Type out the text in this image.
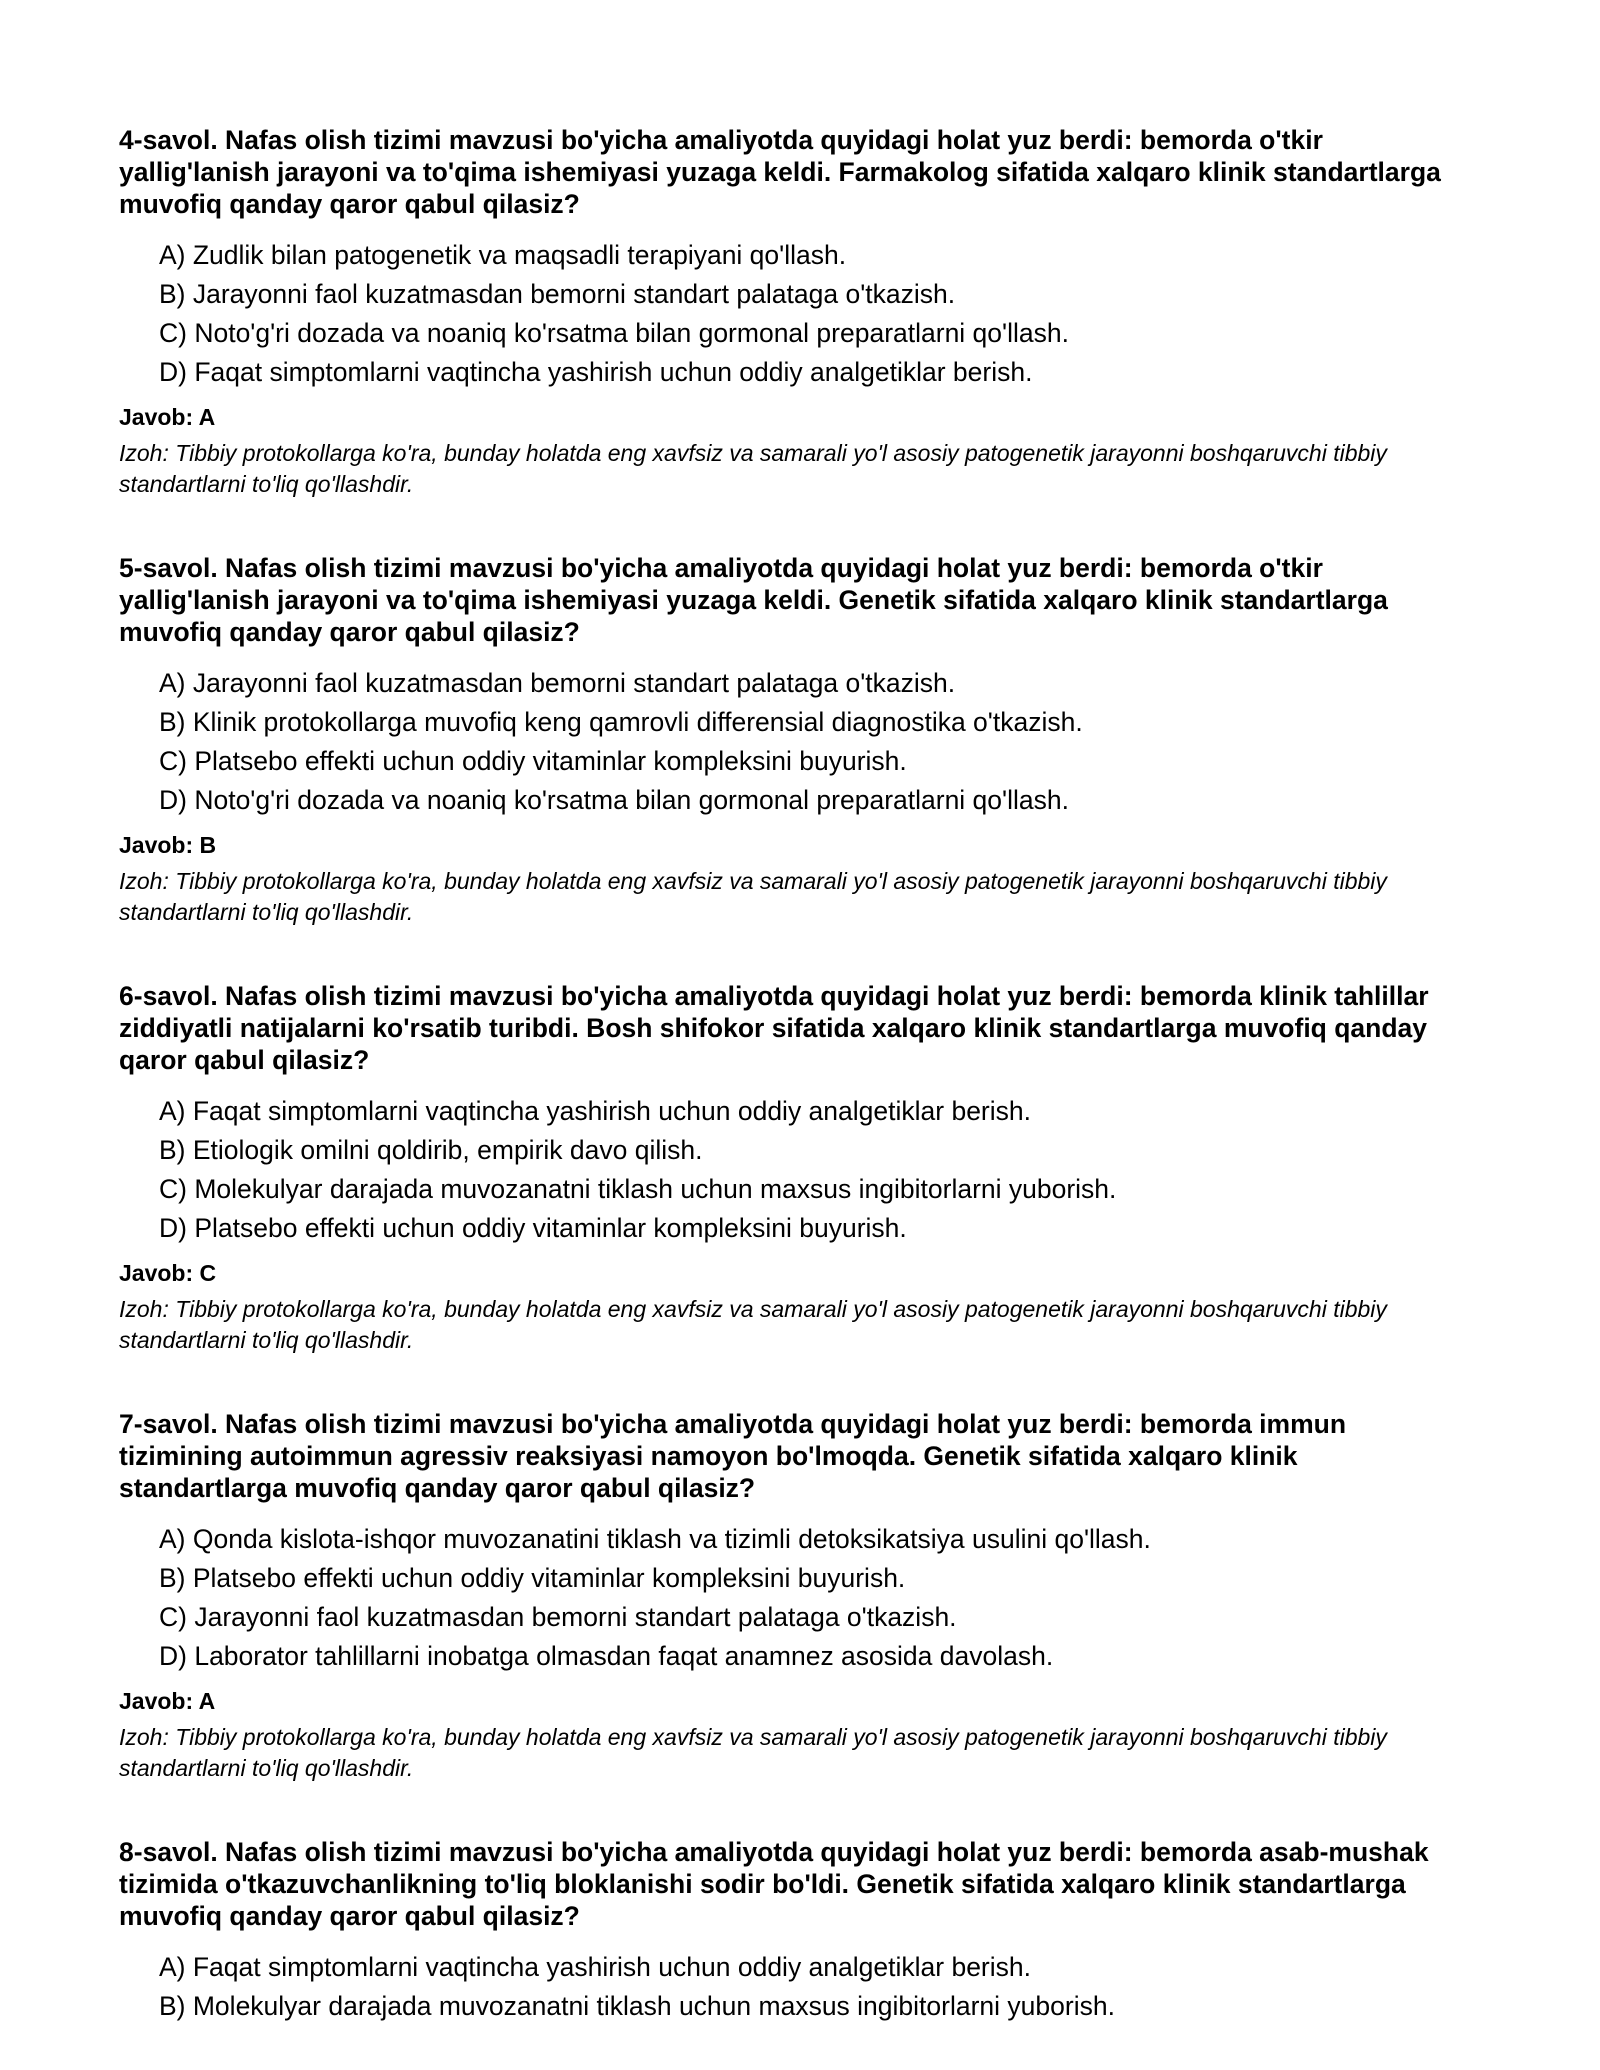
4-savol. Nafas olish tizimi mavzusi bo'yicha amaliyotda quyidagi holat yuz berdi: bemorda o'tkir yallig'lanish jarayoni va to'qima ishemiyasi yuzaga keldi. Farmakolog sifatida xalqaro klinik standartlarga muvofiq qanday qaror qabul qilasiz?
A) Zudlik bilan patogenetik va maqsadli terapiyani qo'llash.
B) Jarayonni faol kuzatmasdan bemorni standart palataga o'tkazish.
C) Noto'g'ri dozada va noaniq ko'rsatma bilan gormonal preparatlarni qo'llash.
D) Faqat simptomlarni vaqtincha yashirish uchun oddiy analgetiklar berish.
Javob: A
Izoh: Tibbiy protokollarga ko'ra, bunday holatda eng xavfsiz va samarali yo'l asosiy patogenetik jarayonni boshqaruvchi tibbiy standartlarni to'liq qo'llashdir.
5-savol. Nafas olish tizimi mavzusi bo'yicha amaliyotda quyidagi holat yuz berdi: bemorda o'tkir yallig'lanish jarayoni va to'qima ishemiyasi yuzaga keldi. Genetik sifatida xalqaro klinik standartlarga muvofiq qanday qaror qabul qilasiz?
A) Jarayonni faol kuzatmasdan bemorni standart palataga o'tkazish.
B) Klinik protokollarga muvofiq keng qamrovli differensial diagnostika o'tkazish.
C) Platsebo effekti uchun oddiy vitaminlar kompleksini buyurish.
D) Noto'g'ri dozada va noaniq ko'rsatma bilan gormonal preparatlarni qo'llash.
Javob: B
Izoh: Tibbiy protokollarga ko'ra, bunday holatda eng xavfsiz va samarali yo'l asosiy patogenetik jarayonni boshqaruvchi tibbiy standartlarni to'liq qo'llashdir.
6-savol. Nafas olish tizimi mavzusi bo'yicha amaliyotda quyidagi holat yuz berdi: bemorda klinik tahlillar ziddiyatli natijalarni ko'rsatib turibdi. Bosh shifokor sifatida xalqaro klinik standartlarga muvofiq qanday qaror qabul qilasiz?
A) Faqat simptomlarni vaqtincha yashirish uchun oddiy analgetiklar berish.
B) Etiologik omilni qoldirib, empirik davo qilish.
C) Molekulyar darajada muvozanatni tiklash uchun maxsus ingibitorlarni yuborish.
D) Platsebo effekti uchun oddiy vitaminlar kompleksini buyurish.
Javob: C
Izoh: Tibbiy protokollarga ko'ra, bunday holatda eng xavfsiz va samarali yo'l asosiy patogenetik jarayonni boshqaruvchi tibbiy standartlarni to'liq qo'llashdir.
7-savol. Nafas olish tizimi mavzusi bo'yicha amaliyotda quyidagi holat yuz berdi: bemorda immun tizimining autoimmun agressiv reaksiyasi namoyon bo'lmoqda. Genetik sifatida xalqaro klinik standartlarga muvofiq qanday qaror qabul qilasiz?
A) Qonda kislota-ishqor muvozanatini tiklash va tizimli detoksikatsiya usulini qo'llash.
B) Platsebo effekti uchun oddiy vitaminlar kompleksini buyurish.
C) Jarayonni faol kuzatmasdan bemorni standart palataga o'tkazish.
D) Laborator tahlillarni inobatga olmasdan faqat anamnez asosida davolash.
Javob: A
Izoh: Tibbiy protokollarga ko'ra, bunday holatda eng xavfsiz va samarali yo'l asosiy patogenetik jarayonni boshqaruvchi tibbiy standartlarni to'liq qo'llashdir.
8-savol. Nafas olish tizimi mavzusi bo'yicha amaliyotda quyidagi holat yuz berdi: bemorda asab-mushak tizimida o'tkazuvchanlikning to'liq bloklanishi sodir bo'ldi. Genetik sifatida xalqaro klinik standartlarga muvofiq qanday qaror qabul qilasiz?
A) Faqat simptomlarni vaqtincha yashirish uchun oddiy analgetiklar berish.
B) Molekulyar darajada muvozanatni tiklash uchun maxsus ingibitorlarni yuborish.
